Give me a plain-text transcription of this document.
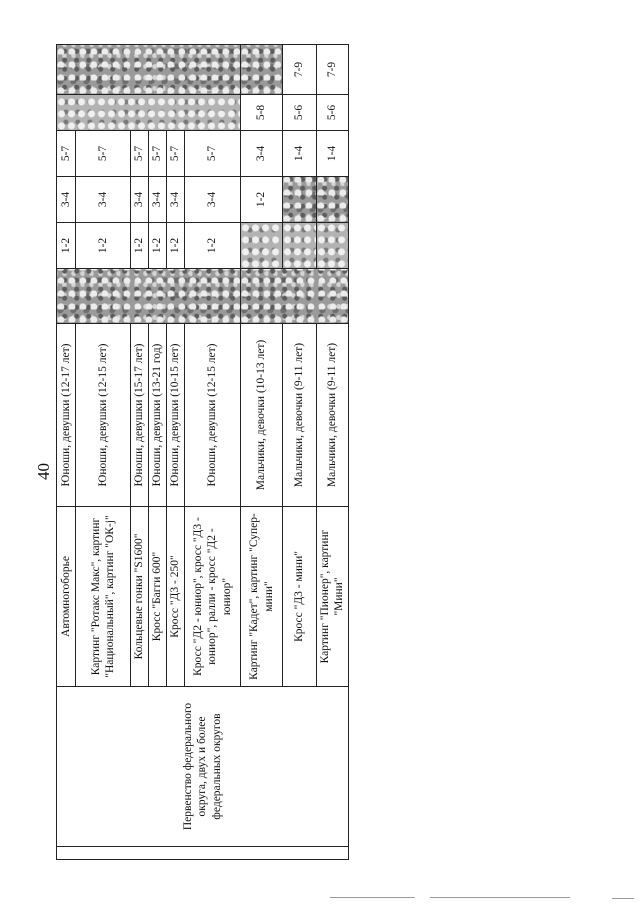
40
	Первенство федерального округа, двух и более федеральных округов	Автомногоборье	Юноши, девушки (12-17 лет)		1-2	3-4	5-7		
		Картинг "Ротакс Макс", картинг "Национальный", картинг "ОК-j"	Юноши, девушки (12-15 лет)		1-2	3-4	5-7		
		Кольцевые гонки "S1600"	Юноши, девушки (15-17 лет)		1-2	3-4	5-7		
		Кросс "Багги 600"	Юноши, девушки (13-21 год)		1-2	3-4	5-7		
		Кросс "Д3 - 250"	Юноши, девушки (10-15 лет)		1-2	3-4	5-7		
		Кросс "Д2 - юниор", кросс "Д3 - юниор", ралли - кросс "Д2 - юниор"	Юноши, девушки (12-15 лет)		1-2	3-4	5-7		
		Картинг "Кадет", картинг "Супер-мини"	Мальчики, девочки (10-13 лет)			1-2	3-4	5-8	
		Кросс "Д3 - мини"	Мальчики, девочки (9-11 лет)				1-4	5-6	7-9
		Картинг "Пионер", картинг "Мини"	Мальчики, девочки (9-11 лет)				1-4	5-6	7-9
